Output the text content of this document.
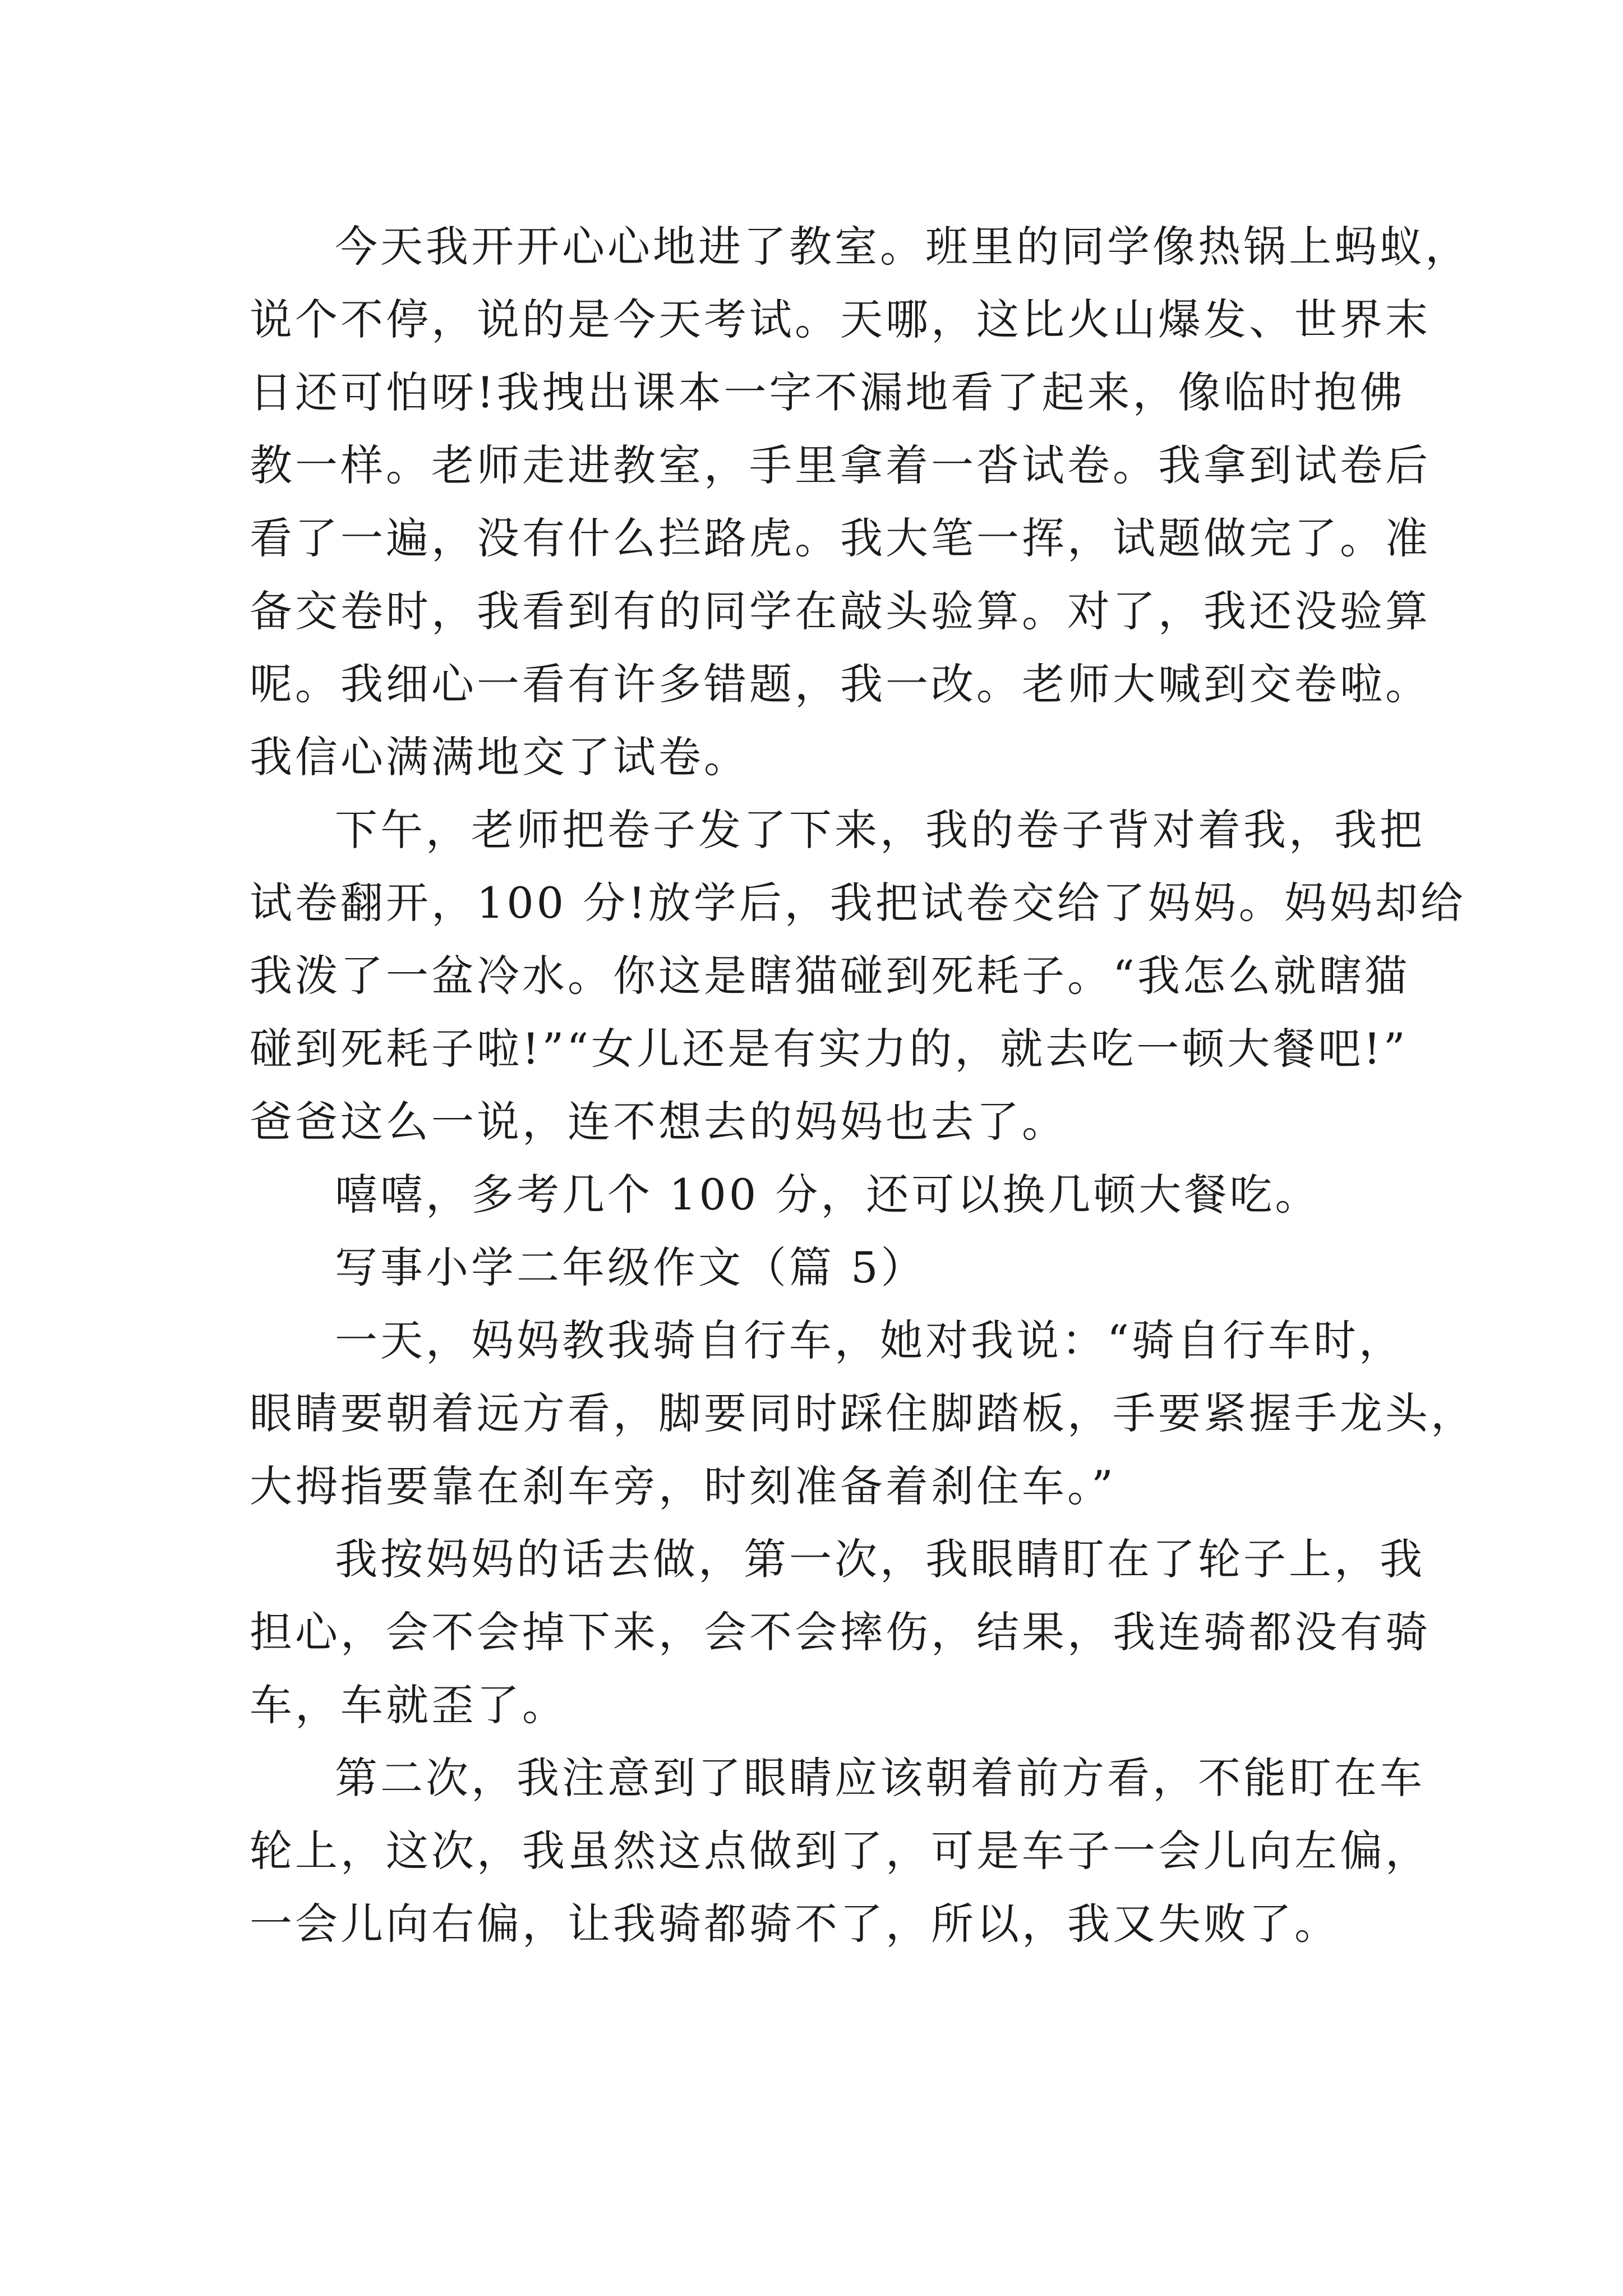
今天我开开心心地进了教室。班里的同学像热锅上蚂蚁，
说个不停，说的是今天考试。天哪，这比火山爆发、世界末
日还可怕呀!我拽出课本一字不漏地看了起来，像临时抱佛
教一样。老师走进教室，手里拿着一沓试卷。我拿到试卷后
看了一遍，没有什么拦路虎。我大笔一挥，试题做完了。准
备交卷时，我看到有的同学在敲头验算。对了，我还没验算
呢。我细心一看有许多错题，我一改。老师大喊到交卷啦。
我信心满满地交了试卷。
下午，老师把卷子发了下来，我的卷子背对着我，我把
试卷翻开，100 分!放学后，我把试卷交给了妈妈。妈妈却给
我泼了一盆冷水。你这是瞎猫碰到死耗子。“我怎么就瞎猫
碰到死耗子啦!”“女儿还是有实力的，就去吃一顿大餐吧!”
爸爸这么一说，连不想去的妈妈也去了。
嘻嘻，多考几个 100 分，还可以换几顿大餐吃。
写事小学二年级作文（篇 5）
一天，妈妈教我骑自行车，她对我说：“骑自行车时，
眼睛要朝着远方看，脚要同时踩住脚踏板，手要紧握手龙头，
大拇指要靠在刹车旁，时刻准备着刹住车。”
我按妈妈的话去做，第一次，我眼睛盯在了轮子上，我
担心，会不会掉下来，会不会摔伤，结果，我连骑都没有骑
车，车就歪了。
第二次，我注意到了眼睛应该朝着前方看，不能盯在车
轮上，这次，我虽然这点做到了，可是车子一会儿向左偏，
一会儿向右偏，让我骑都骑不了，所以，我又失败了。
